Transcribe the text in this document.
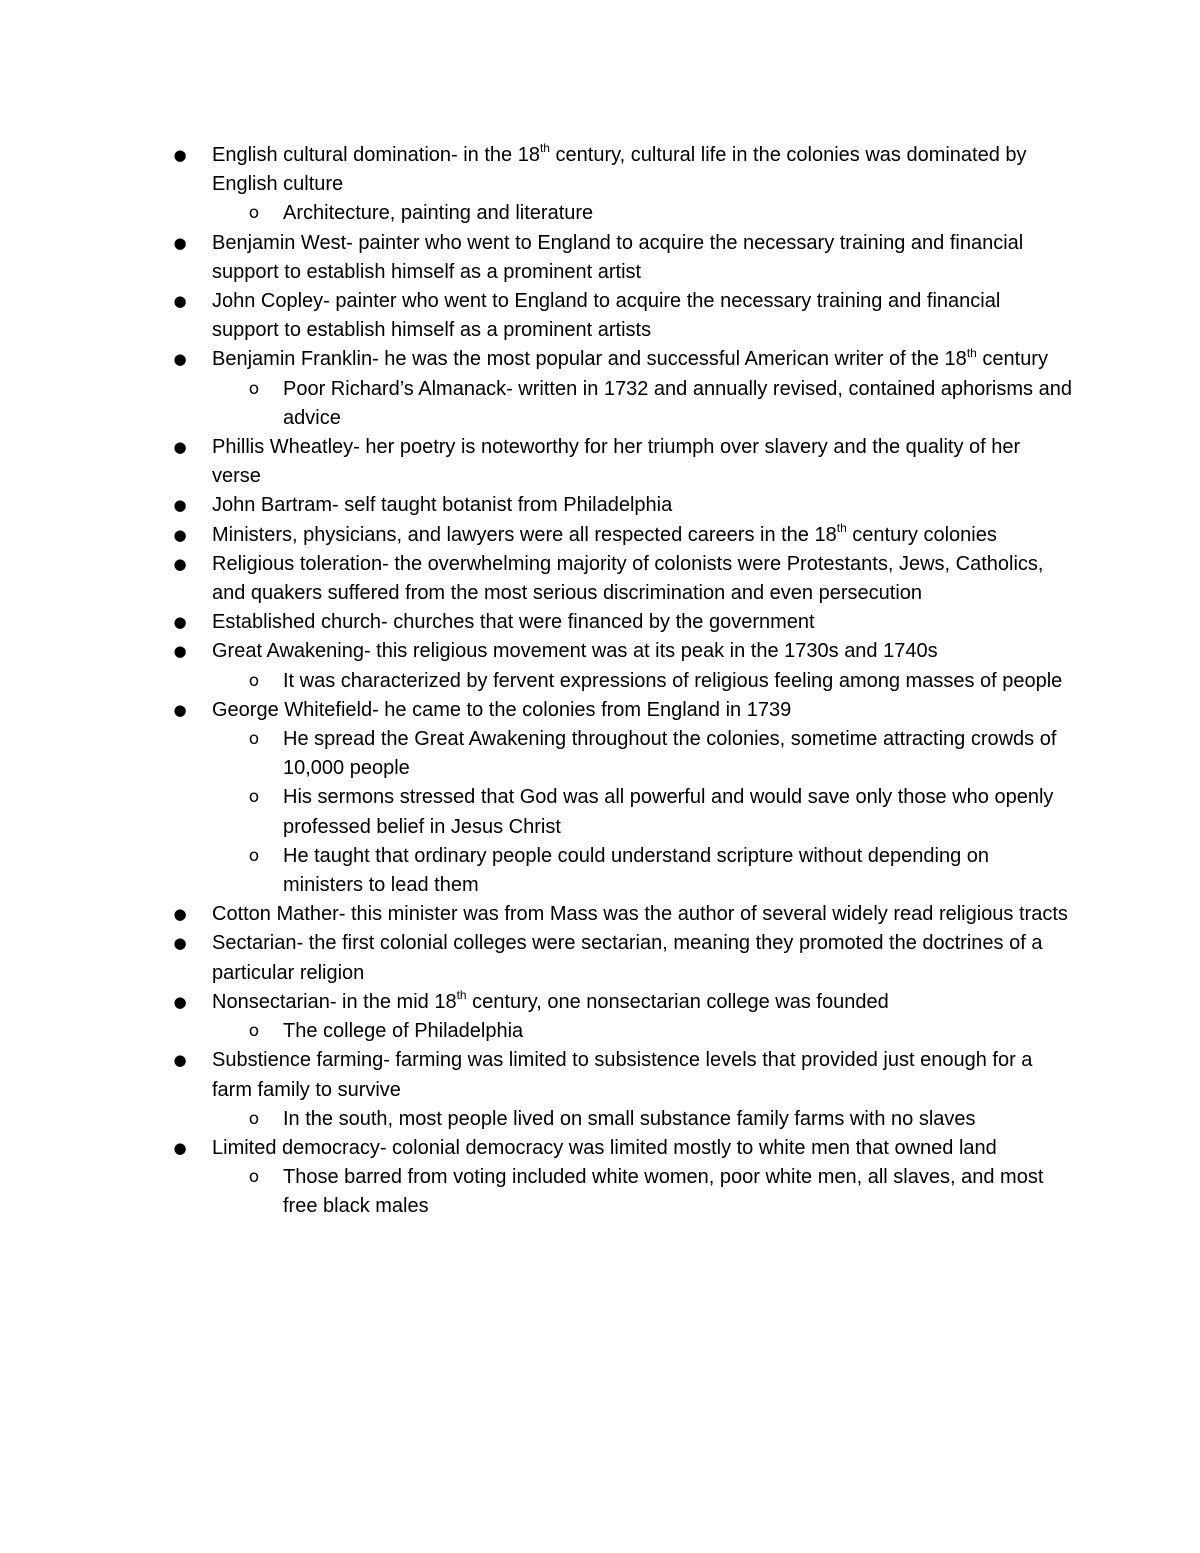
● English cultural domination- in the 18th century, cultural life in the colonies was dominated by English culture
o Architecture, painting and literature
● Benjamin West- painter who went to England to acquire the necessary training and financial support to establish himself as a prominent artist
● John Copley- painter who went to England to acquire the necessary training and financial support to establish himself as a prominent artists
● Benjamin Franklin- he was the most popular and successful American writer of the 18th century
o Poor Richard’s Almanack- written in 1732 and annually revised, contained aphorisms and advice
● Phillis Wheatley- her poetry is noteworthy for her triumph over slavery and the quality of her verse
● John Bartram- self taught botanist from Philadelphia
● Ministers, physicians, and lawyers were all respected careers in the 18th century colonies
● Religious toleration- the overwhelming majority of colonists were Protestants, Jews, Catholics, and quakers suffered from the most serious discrimination and even persecution
● Established church- churches that were financed by the government
● Great Awakening- this religious movement was at its peak in the 1730s and 1740s
o It was characterized by fervent expressions of religious feeling among masses of people
● George Whitefield- he came to the colonies from England in 1739
o He spread the Great Awakening throughout the colonies, sometime attracting crowds of 10,000 people
o His sermons stressed that God was all powerful and would save only those who openly professed belief in Jesus Christ
o He taught that ordinary people could understand scripture without depending on ministers to lead them
● Cotton Mather- this minister was from Mass was the author of several widely read religious tracts
● Sectarian- the first colonial colleges were sectarian, meaning they promoted the doctrines of a particular religion
● Nonsectarian- in the mid 18th century, one nonsectarian college was founded
o The college of Philadelphia
● Substience farming- farming was limited to subsistence levels that provided just enough for a farm family to survive
o In the south, most people lived on small substance family farms with no slaves
● Limited democracy- colonial democracy was limited mostly to white men that owned land
o Those barred from voting included white women, poor white men, all slaves, and most free black males
